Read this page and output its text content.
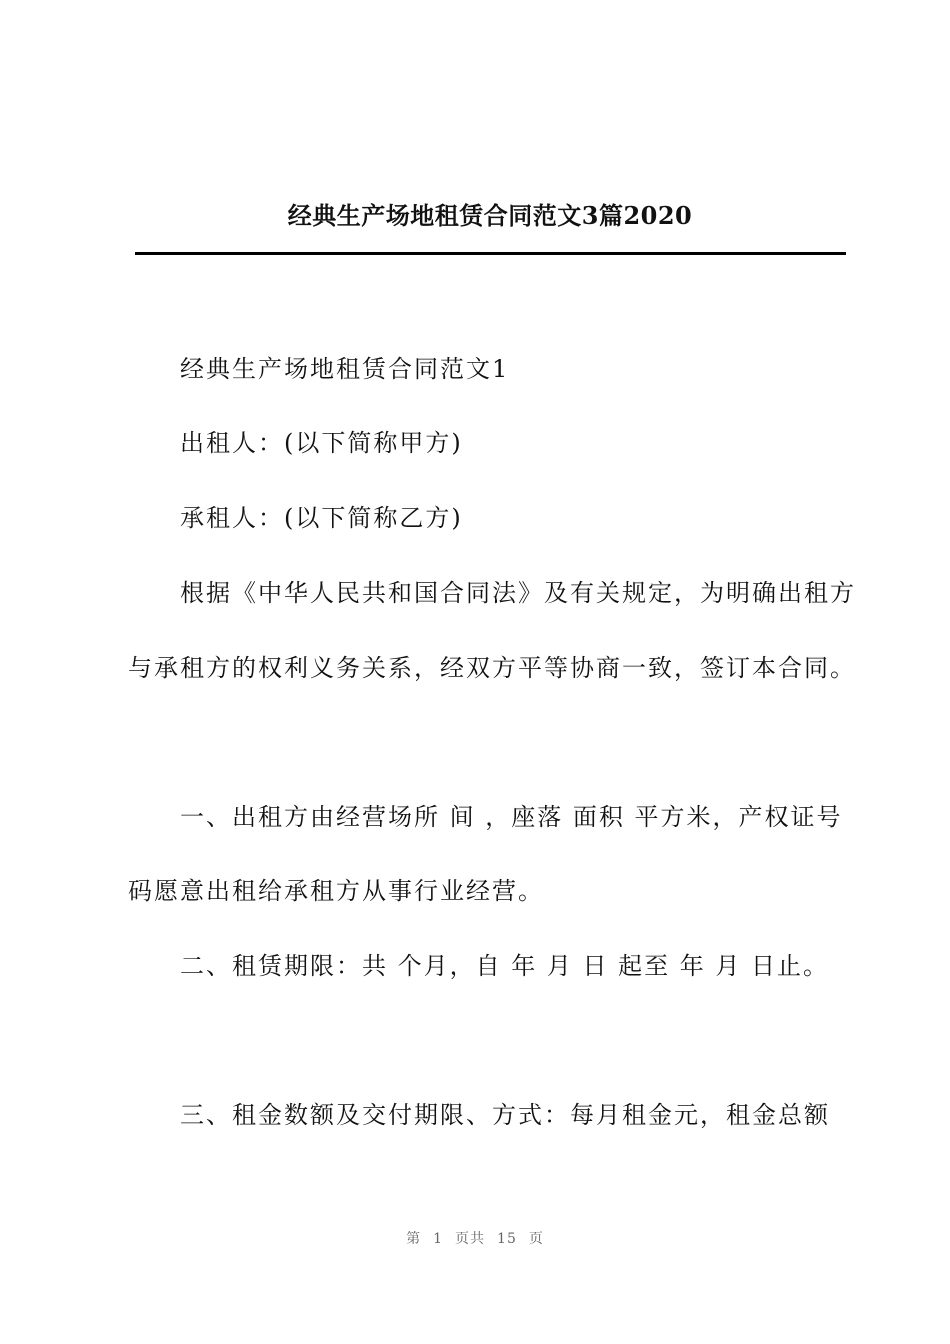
经典生产场地租赁合同范文3篇2020
经典生产场地租赁合同范文1
出租人：(以下简称甲方)
承租人：(以下简称乙方)
根据《中华人民共和国合同法》及有关规定，为明确出租方
与承租方的权利义务关系，经双方平等协商一致，签订本合同。
一、出租方由经营场所 间 ，座落 面积 平方米，产权证号
码愿意出租给承租方从事行业经营。
二、租赁期限：共 个月，自 年 月 日 起至 年 月 日止。
三、租金数额及交付期限、方式：每月租金元，租金总额
第 1 页共 15 页
